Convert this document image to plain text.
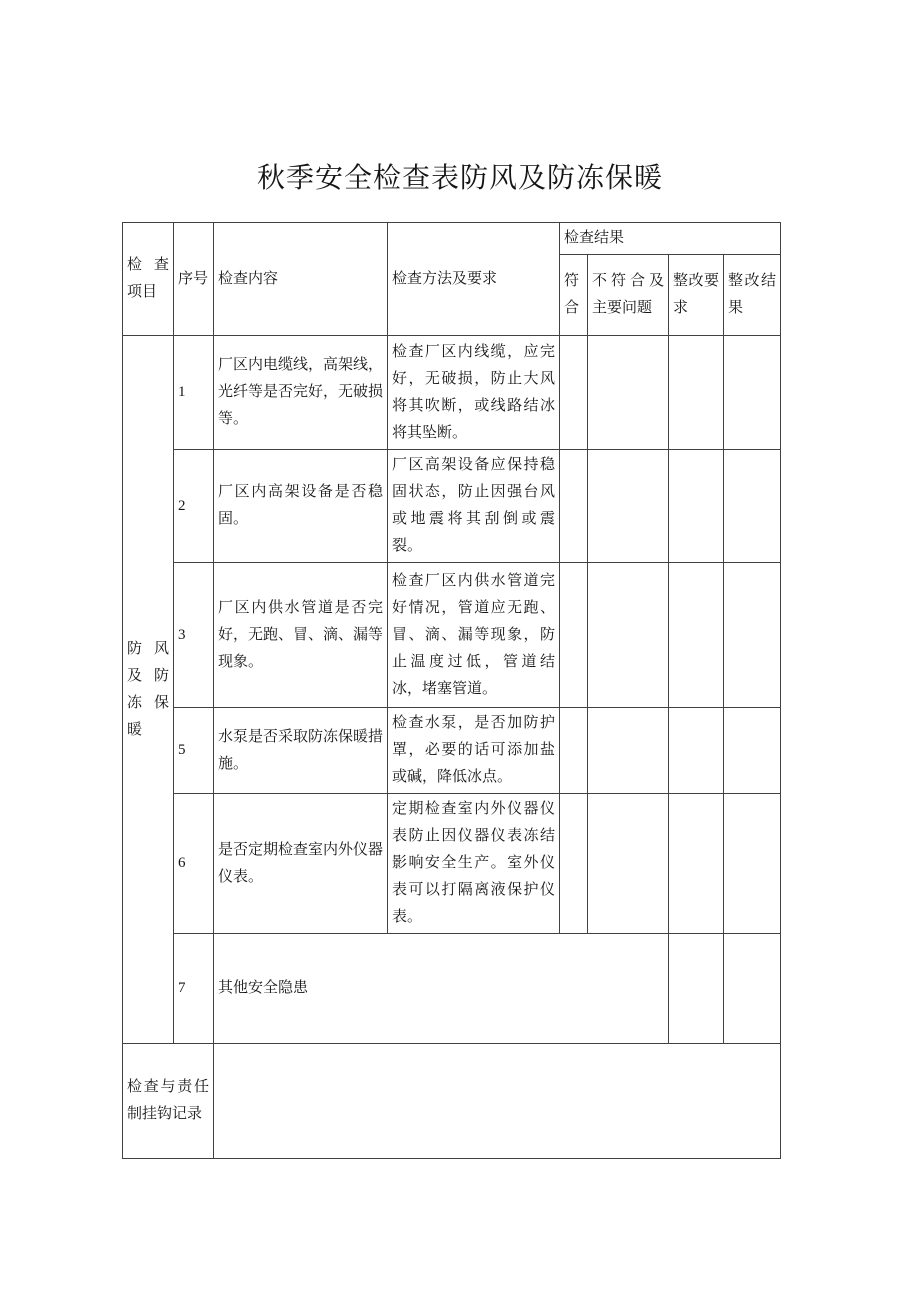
秋季安全检查表防风及防冻保暖
检查项目	序号	检查内容	检查方法及要求	检查结果			
				符合	不符合及主要问题	整改要求	整改结果
防风及防冻保暖	1	厂区内电缆线，高架线，光纤等是否完好，无破损等。	检查厂区内线缆，应完好，无破损，防止大风将其吹断，或线路结冰将其坠断。				
	2	厂区内高架设备是否稳固。	厂区高架设备应保持稳固状态，防止因强台风或地震将其刮倒或震裂。				
	3	厂区内供水管道是否完好，无跑、冒、滴、漏等现象。	检查厂区内供水管道完好情况，管道应无跑、冒、滴、漏等现象，防止温度过低，管道结冰，堵塞管道。				
	5	水泵是否采取防冻保暖措施。	检查水泵，是否加防护罩，必要的话可添加盐或碱，降低冰点。				
	6	是否定期检查室内外仪器仪表。	定期检查室内外仪器仪表防止因仪器仪表冻结影响安全生产。室外仪表可以打隔离液保护仪表。				
	7	其他安全隐患					
检查与责任制挂钩记录							
